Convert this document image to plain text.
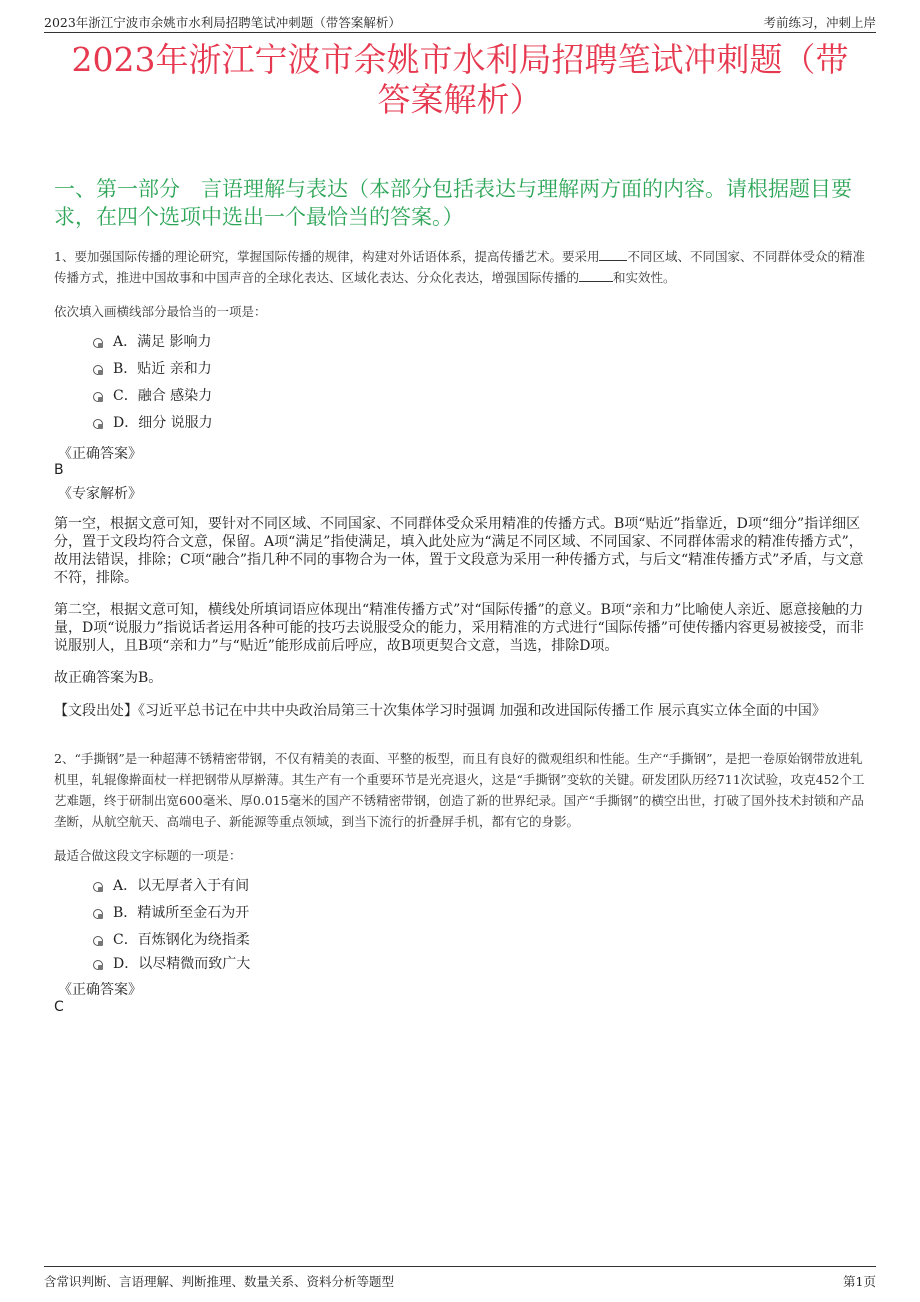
2023年浙江宁波市余姚市水利局招聘笔试冲刺题（带答案解析）	考前练习，冲刺上岸
2023年浙江宁波市余姚市水利局招聘笔试冲刺题（带答案解析）
一、第一部分　言语理解与表达（本部分包括表达与理解两方面的内容。请根据题目要求，在四个选项中选出一个最恰当的答案。）
1、要加强国际传播的理论研究，掌握国际传播的规律，构建对外话语体系，提高传播艺术。要采用 不同区域、不同国家、不同群体受众的精准传播方式，推进中国故事和中国声音的全球化表达、区域化表达、分众化表达，增强国际传播的	和实效性。
依次填入画横线部分最恰当的一项是：
A．满足 影响力
B．贴近 亲和力
C．融合 感染力
D．细分 说服力
《正确答案》
B
《专家解析》
第一空，根据文意可知，要针对不同区域、不同国家、不同群体受众采用精准的传播方式。B项“贴近”指靠近，D项“细分”指详细区分，置于文段均符合文意，保留。A项“满足”指使满足，填入此处应为“满足不同区域、不同国家、不同群体需求的精准传播方式”，故用法错误，排除；C项“融合”指几种不同的事物合为一体，置于文段意为采用一种传播方式，与后文“精准传播方式”矛盾，与文意不符，排除。
第二空，根据文意可知，横线处所填词语应体现出“精准传播方式”对“国际传播”的意义。B项“亲和力”比喻使人亲近、愿意接触的力量，D项“说服力”指说话者运用各种可能的技巧去说服受众的能力，采用精准的方式进行“国际传播”可使传播内容更易被接受，而非说服别人，且B项“亲和力”与“贴近”能形成前后呼应，故B项更契合文意，当选，排除D项。
故正确答案为B。
【文段出处】《习近平总书记在中共中央政治局第三十次集体学习时强调 加强和改进国际传播工作 展示真实立体全面的中国》
2、“手撕钢”是一种超薄不锈精密带钢，不仅有精美的表面、平整的板型，而且有良好的微观组织和性能。生产“手撕钢”，是把一卷原始钢带放进轧机里，轧辊像擀面杖一样把钢带从厚擀薄。其生产有一个重要环节是光亮退火，这是“手撕钢”变软的关键。研发团队历经711次试验，攻克452个工艺难题，终于研制出宽600毫米、厚0.015毫米的国产不锈精密带钢，创造了新的世界纪录。国产“手撕钢”的横空出世，打破了国外技术封锁和产品垄断，从航空航天、高端电子、新能源等重点领域，到当下流行的折叠屏手机，都有它的身影。
最适合做这段文字标题的一项是：
A．以无厚者入于有间
B．精诚所至金石为开
C．百炼钢化为绕指柔
D．以尽精微而致广大
《正确答案》
C
含常识判断、言语理解、判断推理、数量关系、资料分析等题型	第1页
